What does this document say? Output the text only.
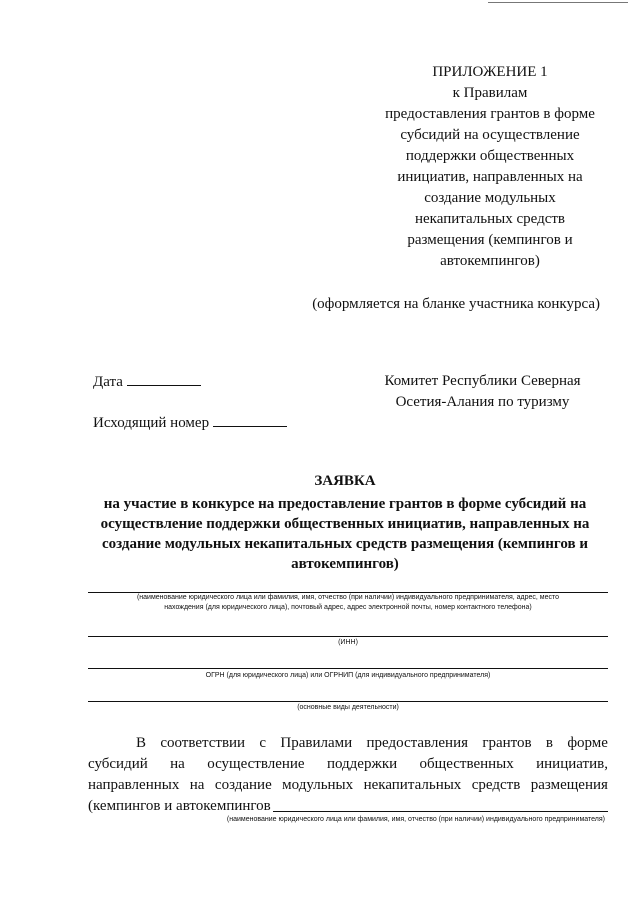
ПРИЛОЖЕНИЕ 1
к Правилам
предоставления грантов в форме
субсидий на осуществление
поддержки общественных
инициатив, направленных на
создание модульных
некапитальных средств
размещения (кемпингов и
автокемпингов)
(оформляется на бланке участника конкурса)
Дата
Исходящий номер
Комитет Республики Северная
Осетия-Алания по туризму
ЗАЯВКА
на участие в конкурсе на предоставление грантов в форме субсидий на
осуществление поддержки общественных инициатив, направленных на
создание модульных некапитальных средств размещения (кемпингов и
автокемпингов)
(наименование юридического лица или фамилия, имя, отчество (при наличии) индивидуального предпринимателя, адрес, место
нахождения (для юридического лица), почтовый адрес, адрес электронной почты, номер контактного телефона)
(ИНН)
ОГРН (для юридического лица) или ОГРНИП (для индивидуального предпринимателя)
(основные виды деятельности)
В соответствии с Правилами предоставления грантов в форме
субсидий на осуществление поддержки общественных инициатив,
направленных на создание модульных некапитальных средств размещения
(кемпингов и автокемпингов
(наименование юридического лица или фамилия, имя, отчество (при наличии) индивидуального предпринимателя)
